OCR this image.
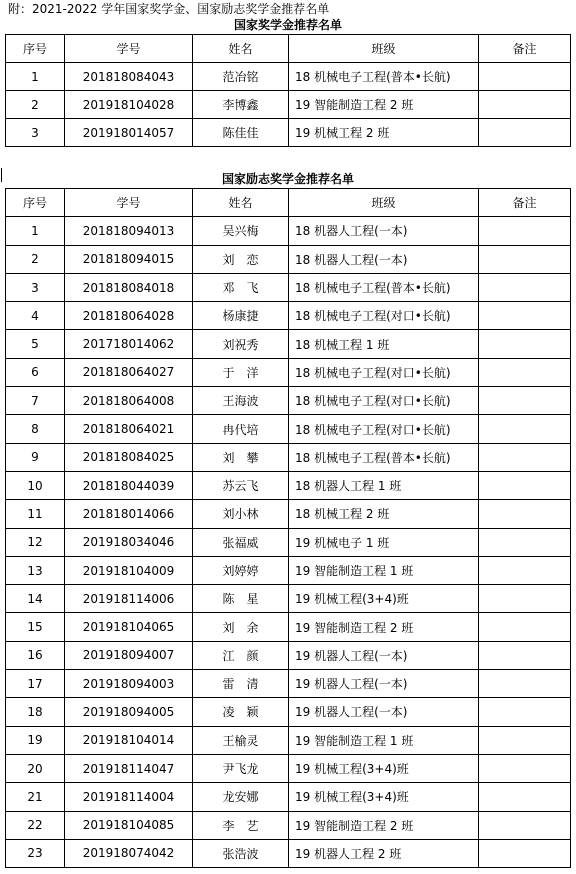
附：2021-2022 学年国家奖学金、国家励志奖学金推荐名单
国家奖学金推荐名单
序号	学号	姓名	班级	备注
1	201818084043	范冶铭	18 机械电子工程(普本•长航)	
2	201918104028	李博鑫	19 智能制造工程 2 班	
3	201918014057	陈佳佳	19 机械工程 2 班	
国家励志奖学金推荐名单
序号	学号	姓名	班级	备注
1	201818094013	吴兴梅	18 机器人工程(一本)	
2	201818094015	刘　恋	18 机器人工程(一本)	
3	201818084018	邓　飞	18 机械电子工程(普本•长航)	
4	201818064028	杨康捷	18 机械电子工程(对口•长航)	
5	201718014062	刘祝秀	18 机械工程 1 班	
6	201818064027	于　洋	18 机械电子工程(对口•长航)	
7	201818064008	王海波	18 机械电子工程(对口•长航)	
8	201818064021	冉代培	18 机械电子工程(对口•长航)	
9	201818084025	刘　攀	18 机械电子工程(普本•长航)	
10	201818044039	苏云飞	18 机器人工程 1 班	
11	201818014066	刘小林	18 机械工程 2 班	
12	201918034046	张福威	19 机械电子 1 班	
13	201918104009	刘婷婷	19 智能制造工程 1 班	
14	201918114006	陈　星	19 机械工程(3+4)班	
15	201918104065	刘　余	19 智能制造工程 2 班	
16	201918094007	江　颜	19 机器人工程(一本)	
17	201918094003	雷　清	19 机器人工程(一本)	
18	201918094005	凌　颖	19 机器人工程(一本)	
19	201918104014	王榆灵	19 智能制造工程 1 班	
20	201918114047	尹飞龙	19 机械工程(3+4)班	
21	201918114004	龙安娜	19 机械工程(3+4)班	
22	201918104085	李　艺	19 智能制造工程 2 班	
23	201918074042	张浩波	19 机器人工程 2 班	
